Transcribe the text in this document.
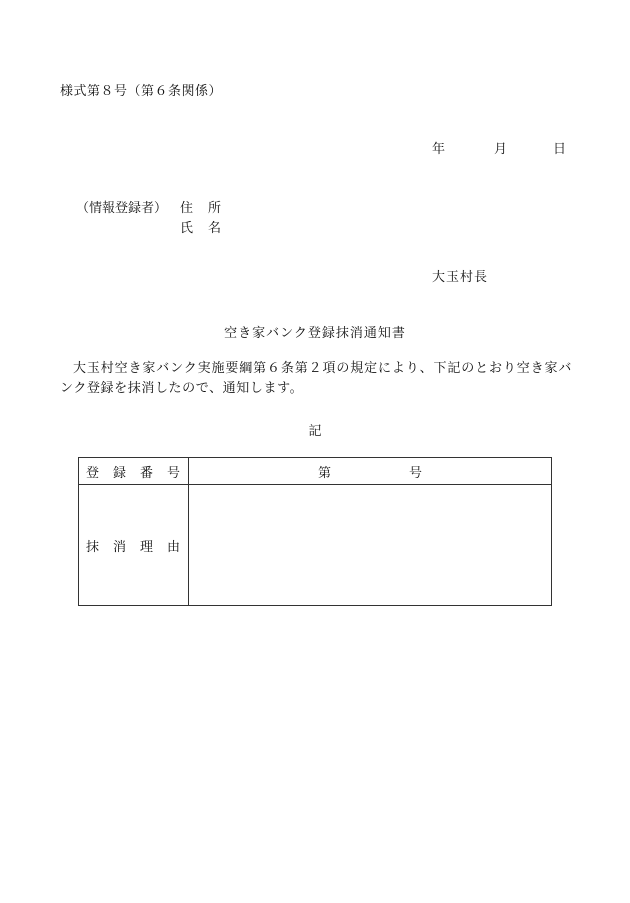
様式第８号（第６条関係）
年	月	日
（情報登録者） 住所
氏名
大玉村長
空き家バンク登録抹消通知書
大玉村空き家バンク実施要綱第６条第２項の規定により、下記のとおり空き家バンク登録を抹消したので、通知します。
記
登 録 番 号	第 号

抹 消 理 由	
